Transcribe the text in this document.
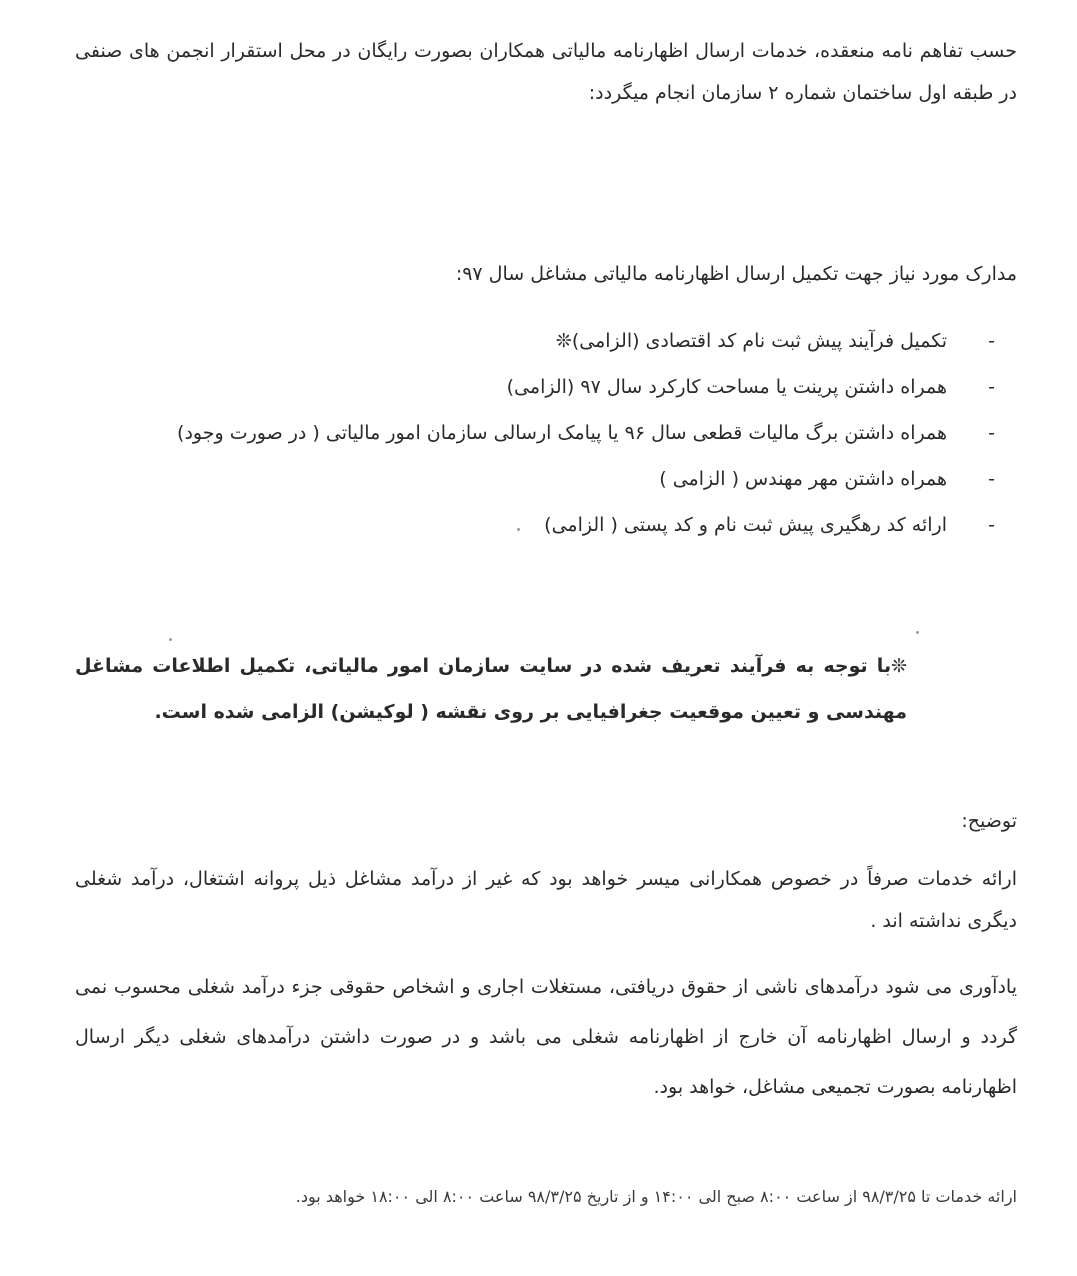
حسب تفاهم نامه منعقده، خدمات ارسال اظهارنامه مالیاتی همکاران بصورت رایگان در محل استقرار انجمن های صنفی در طبقه اول ساختمان شماره ۲ سازمان انجام میگردد:

مدارک مورد نیاز جهت تکمیل ارسال اظهارنامه مالیاتی مشاغل سال ۹۷:

-
تکمیل فرآیند پیش ثبت نام کد اقتصادی (الزامی)❊
-
همراه داشتن پرینت یا مساحت کارکرد سال ۹۷ (الزامی)
-
همراه داشتن برگ مالیات قطعی سال ۹۶ یا پیامک ارسالی سازمان امور مالیاتی ( در صورت وجود)
-
همراه داشتن مهر مهندس ( الزامی )
-
ارائه کد رهگیری پیش ثبت نام و کد پستی ( الزامی)

❊با توجه به فرآیند تعریف شده در سایت سازمان امور مالیاتی، تکمیل اطلاعات مشاغل مهندسی و تعیین موقعیت جغرافیایی بر روی نقشه ( لوکیشن) الزامی شده است.

توضیح:

ارائه خدمات صرفاً در خصوص همکارانی میسر خواهد بود که غیر از درآمد مشاغل ذیل پروانه اشتغال، درآمد شغلی دیگری نداشته اند .

یادآوری می شود درآمدهای ناشی از حقوق دریافتی، مستغلات اجاری و اشخاص حقوقی جزء درآمد شغلی محسوب نمی گردد و ارسال اظهارنامه آن خارج از اظهارنامه شغلی می باشد و در صورت داشتن درآمدهای شغلی دیگر ارسال اظهارنامه بصورت تجمیعی مشاغل، خواهد بود.

ارائه خدمات تا ۹۸/۳/۲۵ از ساعت ۸:۰۰ صبح الی ۱۴:۰۰ و از تاریخ ۹۸/۳/۲۵ ساعت ۸:۰۰ الی ۱۸:۰۰ خواهد بود.
